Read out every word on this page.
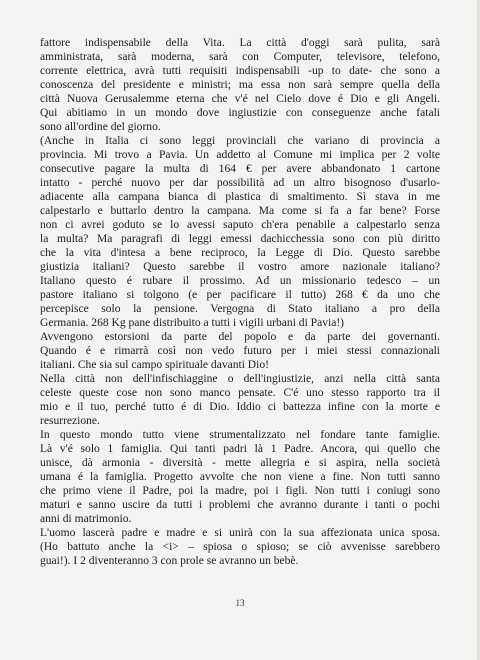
fattore indispensabile della Vita. La città d'oggi sarà pulita, sarà
amministrata, sarà moderna, sarà con Computer, televisore, telefono,
corrente elettrica, avrà tutti requisiti indispensabili -up to date- che sono a
conoscenza del presidente e ministri; ma essa non sarà sempre quella della
città Nuova Gerusalemme eterna che v'é nel Cielo dove é Dio e gli Angeli.
Qui abitiamo in un mondo dove ingiustizie con conseguenze anche fatali
sono all'ordine del giorno.
(Anche in Italia ci sono leggi provinciali che variano di provincia a
provincia. Mi trovo a Pavia. Un addetto al Comune mi implica per 2 volte
consecutive pagare la multa di 164 € per avere abbandonato 1 cartone
intatto - perché nuovo per dar possibilità ad un altro bisognoso d'usarlo-
adiacente alla campana bianca di plastica di smaltimento. Sì stava in me
calpestarlo e buttarlo dentro la campana. Ma come si fa a far bene? Forse
non ci avrei goduto se lo avessi saputo ch'era penabile a calpestarlo senza
la multa? Ma paragrafi di leggi emessi dachicchessia sono con più diritto
che la vita d'intesa a bene reciproco, la Legge di Dio. Questo sarebbe
giustizia italiani? Questo sarebbe il vostro amore nazionale italiano?
Italiano questo é rubare il prossimo. Ad un missionario tedesco – un
pastore italiano si tolgono (e per pacificare il tutto) 268 € da uno che
percepisce solo la pensione. Vergogna di Stato italiano a pro della
Germania. 268 Kg pane distribuito a tutti i vigili urbani di Pavia!)
Avvengono estorsioni da parte del popolo e da parte dei governanti.
Quando é e rimarrà così non vedo futuro per i miei stessi connazionali
italiani. Che sia sul campo spirituale davanti Dio!
Nella città non dell'infischiaggine o dell'ingiustizie, anzi nella città santa
celeste queste cose non sono manco pensate. C'é uno stesso rapporto tra il
mio e il tuo, perché tutto é di Dio. Iddio ci battezza infine con la morte e
resurrezione.
In questo mondo tutto viene strumentalizzato nel fondare tante famiglie.
Là v'é solo 1 famiglia. Qui tanti padri là 1 Padre. Ancora, qui quello che
unisce, dà armonia - diversità - mette allegria e si aspira, nella società
umana é la famiglia. Progetto avvolte che non viene a fine. Non tutti sanno
che primo viene il Padre, poi la madre, poi i figli. Non tutti i coniugi sono
maturi e sanno uscire da tutti i problemi che avranno durante i tanti o pochi
anni di matrimonio.
L'uomo lascerà padre e madre e si unirà con la sua affezionata unica sposa.
(Ho battuto anche la <i> – spiosa o spioso; se ciò avvenisse sarebbero
guai!). I 2 diventeranno 3 con prole se avranno un bebè.
13
